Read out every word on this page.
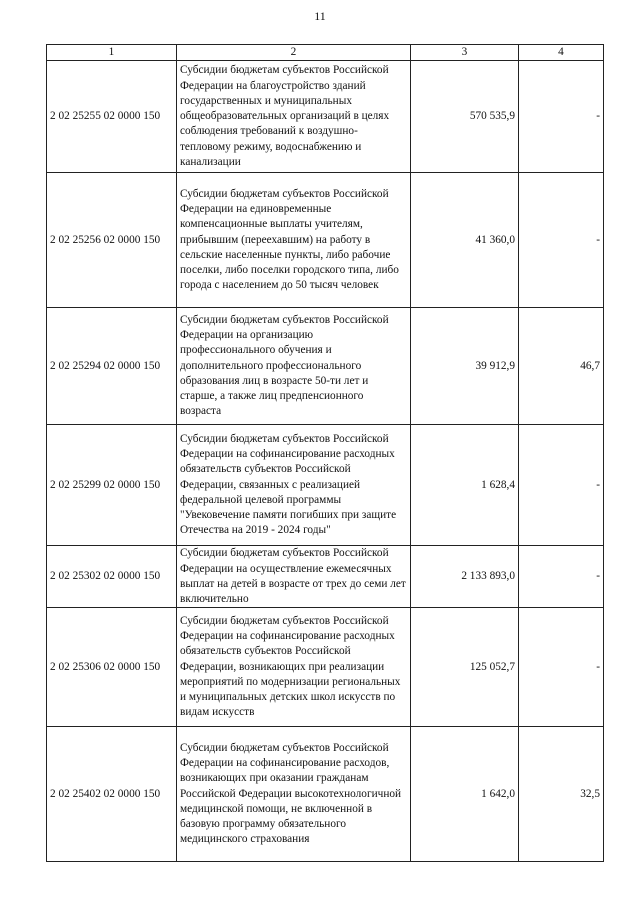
11
1	2	3	4
2 02 25255 02 0000 150	Субсидии бюджетам субъектов Российской Федерации на благоустройство зданий государственных и муниципальных общеобразовательных организаций в целях соблюдения требований к воздушно-тепловому режиму, водоснабжению и канализации	570 535,9	-
2 02 25256 02 0000 150	Субсидии бюджетам субъектов Российской Федерации на единовременные компенсационные выплаты учителям, прибывшим (переехавшим) на работу в сельские населенные пункты, либо рабочие поселки, либо поселки городского типа, либо города с населением до 50 тысяч человек	41 360,0	-
2 02 25294 02 0000 150	Субсидии бюджетам субъектов Российской Федерации на организацию профессионального обучения и дополнительного профессионального образования лиц в возрасте 50-ти лет и старше, а также лиц предпенсионного возраста	39 912,9	46,7
2 02 25299 02 0000 150	Субсидии бюджетам субъектов Российской Федерации на софинансирование расходных обязательств субъектов Российской Федерации, связанных с реализацией федеральной целевой программы "Увековечение памяти погибших при защите Отечества на 2019 - 2024 годы"	1 628,4	-
2 02 25302 02 0000 150	Субсидии бюджетам субъектов Российской Федерации на осуществление ежемесячных выплат на детей в возрасте от трех до семи лет включительно	2 133 893,0	-
2 02 25306 02 0000 150	Субсидии бюджетам субъектов Российской Федерации на софинансирование расходных обязательств субъектов Российской Федерации, возникающих при реализации мероприятий по модернизации региональных и муниципальных детских школ искусств по видам искусств	125 052,7	-
2 02 25402 02 0000 150	Субсидии бюджетам субъектов Российской Федерации на софинансирование расходов, возникающих при оказании гражданам Российской Федерации высокотехнологичной медицинской помощи, не включенной в базовую программу обязательного медицинского страхования	1 642,0	32,5
